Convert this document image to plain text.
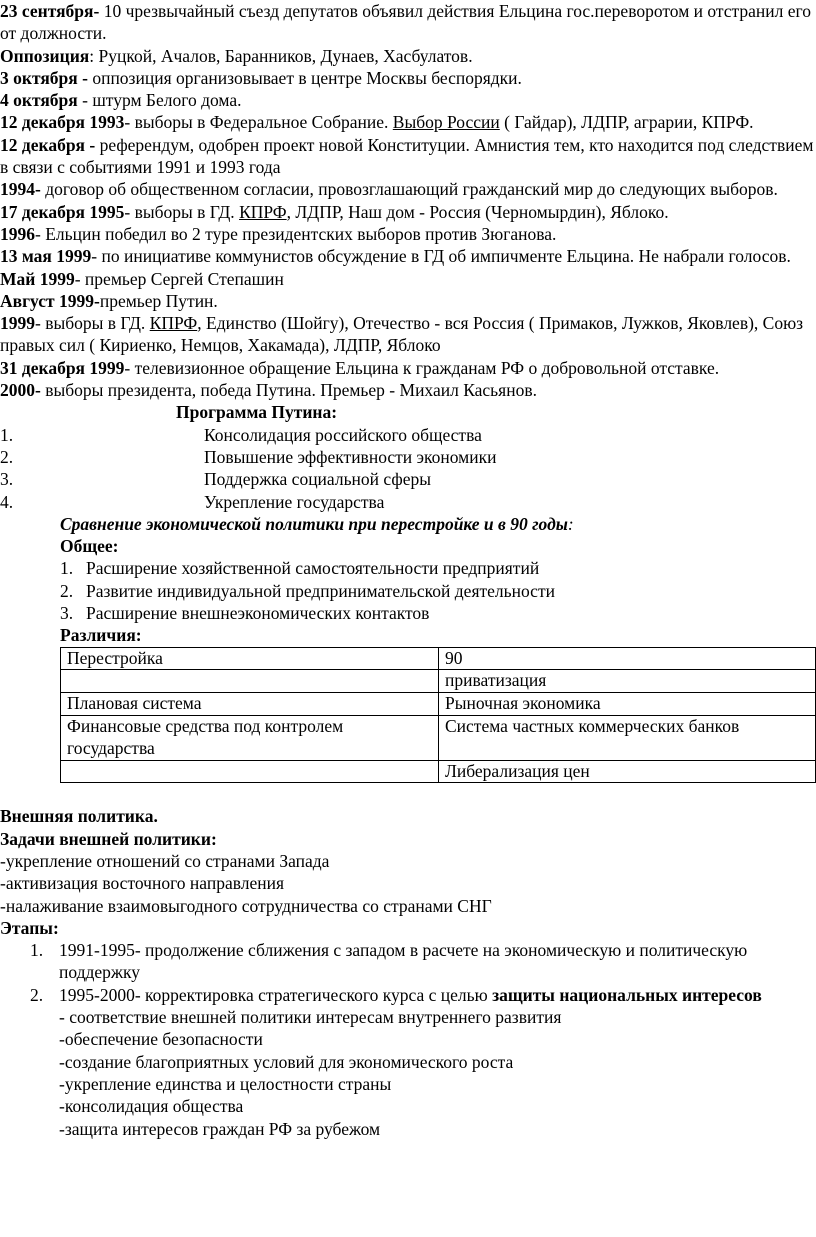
23 сентября- 10 чрезвычайный съезд депутатов объявил действия Ельцина гос.переворотом и отстранил его от должности.

Оппозиция: Руцкой, Ачалов, Баранников, Дунаев, Хасбулатов.

3 октября - оппозиция организовывает в центре Москвы беспорядки.

4 октября - штурм Белого дома.

12 декабря 1993- выборы в Федеральное Собрание. Выбор России ( Гайдар), ЛДПР, аграрии, КПРФ.

12 декабря - референдум, одобрен проект новой Конституции. Амнистия тем, кто находится под следствием в связи с событиями 1991 и 1993 года

1994- договор об общественном согласии, провозглашающий гражданский мир до следующих выборов.

17 декабря 1995- выборы в ГД. КПРФ, ЛДПР, Наш дом - Россия (Черномырдин), Яблоко.

1996- Ельцин победил во 2 туре президентских выборов против Зюганова.

13 мая 1999- по инициативе коммунистов обсуждение в ГД об импичменте Ельцина. Не набрали голосов.

Май 1999- премьер Сергей Степашин

Август 1999-премьер Путин.

1999- выборы в ГД. КПРФ, Единство (Шойгу), Отечество - вся Россия ( Примаков, Лужков, Яковлев), Союз правых сил ( Кириенко, Немцов, Хакамада), ЛДПР, Яблоко

31 декабря 1999- телевизионное обращение Ельцина к гражданам РФ о добровольной отставке.

2000- выборы президента, победа Путина. Премьер - Михаил Касьянов.

Программа Путина:

1.	Консолидация российского общества
2.	Повышение эффективности экономики
3.	Поддержка социальной сферы
4.	Укрепление государства

Сравнение экономической политики при перестройке и в 90 годы:

Общее:

1. Расширение хозяйственной самостоятельности предприятий
2. Развитие индивидуальной предпринимательской деятельности
3. Расширение внешнеэкономических контактов

Различия:

Перестройка	90
	приватизация
Плановая система	Рыночная экономика
Финансовые средства под контролем государства	Система частных коммерческих банков
	Либерализация цен

Внешняя политика.

Задачи внешней политики:

-укрепление отношений со странами Запада

-активизация восточного направления

-налаживание взаимовыгодного сотрудничества со странами СНГ

Этапы:

1. 1991-1995- продолжение сближения с западом в расчете на экономическую и политическую поддержку
2. 1995-2000- корректировка стратегического курса с целью защиты национальных интересов

- соответствие внешней политики интересам внутреннего развития

-обеспечение безопасности

-создание благоприятных условий для экономического роста

-укрепление единства и целостности страны

-консолидация общества

-защита интересов граждан РФ за рубежом
